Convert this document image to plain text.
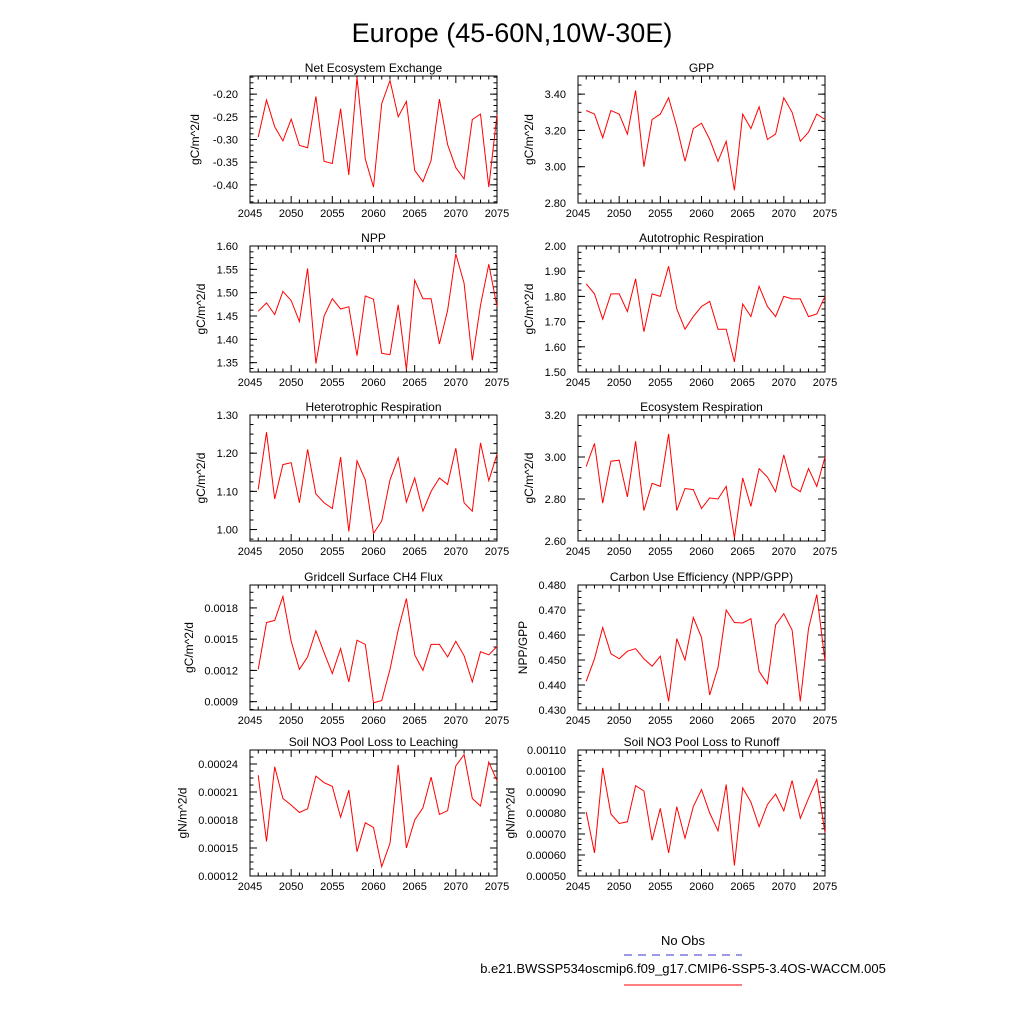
Europe (45-60N,10W-30E)
2045 2050 2055 2060 2065 2070 2075
-0.40
-0.35
-0.30
-0.25
-0.20
Net Ecosystem Exchange
gC/m^2/d
2045 2050 2055 2060 2065 2070 2075
2.80
3.00
3.20
3.40
GPP
gC/m^2/d
2045 2050 2055 2060 2065 2070 2075
1.35
1.40
1.45
1.50
1.55
1.60
NPP
gC/m^2/d
2045 2050 2055 2060 2065 2070 2075
1.50
1.60
1.70
1.80
1.90
2.00
Autotrophic Respiration
gC/m^2/d
2045 2050 2055 2060 2065 2070 2075
1.00
1.10
1.20
1.30
Heterotrophic Respiration
gC/m^2/d
2045 2050 2055 2060 2065 2070 2075
2.60
2.80
3.00
3.20
Ecosystem Respiration
gC/m^2/d
2045 2050 2055 2060 2065 2070 2075
0.0009
0.0012
0.0015
0.0018
Gridcell Surface CH4 Flux
gC/m^2/d
2045 2050 2055 2060 2065 2070 2075
0.430
0.440
0.450
0.460
0.470
0.480
Carbon Use Efficiency (NPP/GPP)
NPP/GPP
2045 2050 2055 2060 2065 2070 2075
0.00012
0.00015
0.00018
0.00021
0.00024
Soil NO3 Pool Loss to Leaching
gN/m^2/d
2045 2050 2055 2060 2065 2070 2075
0.00050
0.00060
0.00070
0.00080
0.00090
0.00100
0.00110
Soil NO3 Pool Loss to Runoff
gN/m^2/d
No Obs
b.e21.BWSSP534oscmip6.f09_g17.CMIP6-SSP5-3.4OS-WACCM.005
